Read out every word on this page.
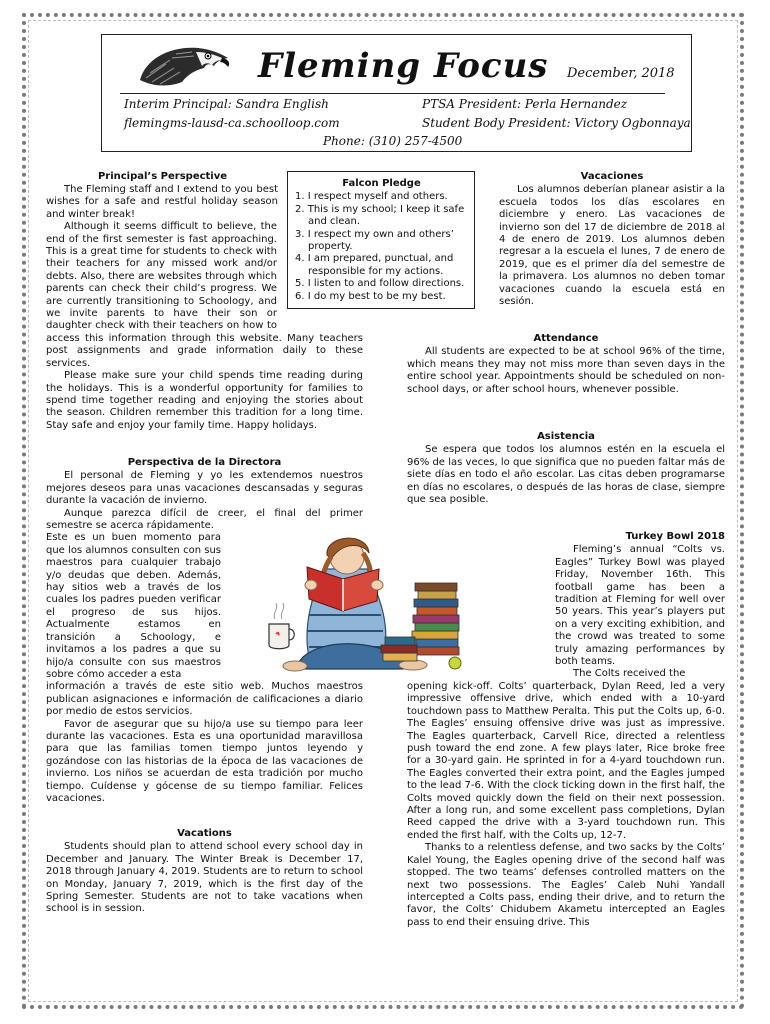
Fleming Focus	December, 2018
Interim Principal: Sandra English
flemingms-lausd-ca.schoolloop.com
PTSA President: Perla Hernandez
Student Body President: Victory Ogbonnaya
Phone: (310) 257-4500
Principal’s Perspective

The Fleming staff and I extend to you best wishes for a safe and restful holiday season and winter break!

Although it seems difficult to believe, the end of the first semester is fast approaching. This is a great time for students to check with their teachers for any missed work and/or debts. Also, there are websites through which parents can check their child’s progress. We are currently transitioning to Schoology, and we invite parents to have their son or daughter check with their teachers on how to access this information through this website. Many teachers post assignments and grade information daily to these services.

Please make sure your child spends time reading during the holidays. This is a wonderful opportunity for families to spend time together reading and enjoying the stories about the season. Children remember this tradition for a long time. Stay safe and enjoy your family time. Happy holidays.

Falcon Pledge
1. I respect myself and others.
2. This is my school; I keep it safe and clean.
3. I respect my own and others’ property.
4. I am prepared, punctual, and responsible for my actions.
5. I listen to and follow directions.
6. I do my best to be my best.
Vacaciones

Los alumnos deberían planear asistir a la escuela todos los días escolares en diciembre y enero. Las vacaciones de invierno son del 17 de diciembre de 2018 al 4 de enero de 2019. Los alumnos deben regresar a la escuela el lunes, 7 de enero de 2019, que es el primer día del semestre de la primavera. Los alumnos no deben tomar vacaciones cuando la escuela está en sesión.

Attendance

All students are expected to be at school 96% of the time, which means they may not miss more than seven days in the entire school year. Appointments should be scheduled on non-school days, or after school hours, whenever possible.

Asistencia

Se espera que todos los alumnos estén en la escuela el 96% de las veces, lo que significa que no pueden faltar más de siete días en todo el año escolar. Las citas deben programarse en días no escolares, o después de las horas de clase, siempre que sea posible.

Perspectiva de la Directora

El personal de Fleming y yo les extendemos nuestros mejores deseos para unas vacaciones descansadas y seguras durante la vacación de invierno.

Aunque parezca difícil de creer, el final del primer semestre se acerca rápidamente.

Este es un buen momento para que los alumnos consulten con sus maestros para cualquier trabajo y/o deudas que deben. Además, hay sitios web a través de los cuales los padres pueden verificar el progreso de sus hijos. Actualmente estamos en transición a Schoology, e invitamos a los padres a que su hijo/a consulte con sus maestros sobre cómo acceder a esta

información a través de este sitio web. Muchos maestros publican asignaciones e información de calificaciones a diario por medio de estos servicios.

Favor de asegurar que su hijo/a use su tiempo para leer durante las vacaciones. Esta es una oportunidad maravillosa para que las familias tomen tiempo juntos leyendo y gozándose con las historias de la época de las vacaciones de invierno. Los niños se acuerdan de esta tradición por mucho tiempo. Cuídense y gócense de su tiempo familiar. Felices vacaciones.

Vacations

Students should plan to attend school every school day in December and January. The Winter Break is December 17, 2018 through January 4, 2019. Students are to return to school on Monday, January 7, 2019, which is the first day of the Spring Semester. Students are not to take vacations when school is in session.

Turkey Bowl 2018

Fleming’s annual “Colts vs. Eagles” Turkey Bowl was played Friday, November 16th. This football game has been a tradition at Fleming for well over 50 years. This year’s players put on a very exciting exhibition, and the crowd was treated to some truly amazing performances by both teams.

The Colts received the

opening kick-off. Colts’ quarterback, Dylan Reed, led a very impressive offensive drive, which ended with a 10-yard touchdown pass to Matthew Peralta. This put the Colts up, 6-0. The Eagles’ ensuing offensive drive was just as impressive. The Eagles quarterback, Carvell Rice, directed a relentless push toward the end zone. A few plays later, Rice broke free for a 30-yard gain. He sprinted in for a 4-yard touchdown run. The Eagles converted their extra point, and the Eagles jumped to the lead 7-6. With the clock ticking down in the first half, the Colts moved quickly down the field on their next possession. After a long run, and some excellent pass completions, Dylan Reed capped the drive with a 3-yard touchdown run. This ended the first half, with the Colts up, 12-7.

Thanks to a relentless defense, and two sacks by the Colts’ Kalel Young, the Eagles opening drive of the second half was stopped. The two teams’ defenses controlled matters on the next two possessions. The Eagles’ Caleb Nuhi Yandall intercepted a Colts pass, ending their drive, and to return the favor, the Colts’ Chidubem Akametu intercepted an Eagles pass to end their ensuing drive. This
